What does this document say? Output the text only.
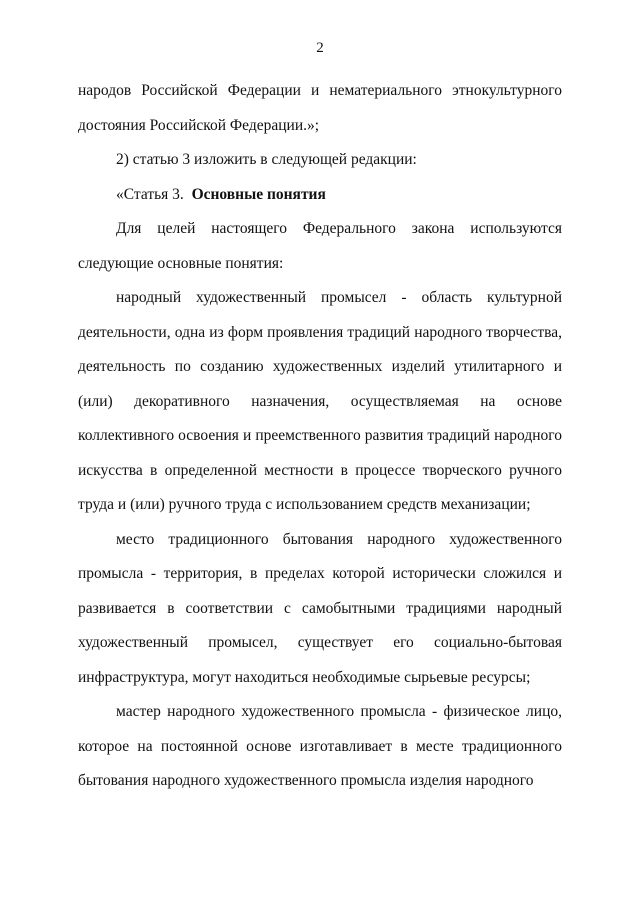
2

народов Российской Федерации и нематериального этнокультурного достояния Российской Федерации.»;

2) статью 3 изложить в следующей редакции:

«Статья 3. Основные понятия

Для целей настоящего Федерального закона используются следующие основные понятия:

народный художественный промысел - область культурной деятельности, одна из форм проявления традиций народного творчества, деятельность по созданию художественных изделий утилитарного и (или) декоративного назначения, осуществляемая на основе коллективного освоения и преемственного развития традиций народного искусства в определенной местности в процессе творческого ручного труда и (или) ручного труда с использованием средств механизации;

место традиционного бытования народного художественного промысла - территория, в пределах которой исторически сложился и развивается в соответствии с самобытными традициями народный художественный промысел, существует его социально-бытовая инфраструктура, могут находиться необходимые сырьевые ресурсы;

мастер народного художественного промысла - физическое лицо, которое на постоянной основе изготавливает в месте традиционного бытования народного художественного промысла изделия народного
